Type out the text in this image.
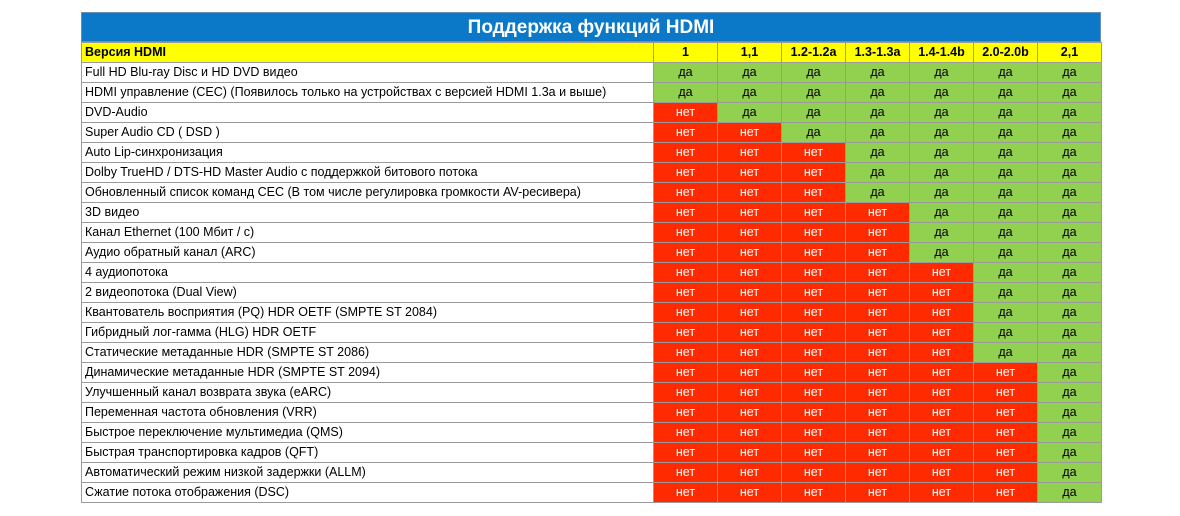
Поддержка функций HDMI
Версия HDMI	1	1,1	1.2-1.2a	1.3-1.3a	1.4-1.4b	2.0-2.0b	2,1
Full HD Blu-ray Disc и HD DVD видео	да	да	да	да	да	да	да
HDMI управление (CEC) (Появилось только на устройствах с версией HDMI 1.3a и выше)	да	да	да	да	да	да	да
DVD-Audio	нет	да	да	да	да	да	да
Super Audio CD ( DSD )	нет	нет	да	да	да	да	да
Auto Lip-синхронизация	нет	нет	нет	да	да	да	да
Dolby TrueHD / DTS-HD Master Audio с поддержкой битового потока	нет	нет	нет	да	да	да	да
Обновленный список команд CEC (В том числе регулировка громкости AV-ресивера)	нет	нет	нет	да	да	да	да
3D видео	нет	нет	нет	нет	да	да	да
Канал Ethernet (100 Мбит / с)	нет	нет	нет	нет	да	да	да
Аудио обратный канал (ARC)	нет	нет	нет	нет	да	да	да
4 аудиопотока	нет	нет	нет	нет	нет	да	да
2 видеопотока (Dual View)	нет	нет	нет	нет	нет	да	да
Квантователь восприятия (PQ) HDR OETF (SMPTE ST 2084)	нет	нет	нет	нет	нет	да	да
Гибридный лог-гамма (HLG) HDR OETF	нет	нет	нет	нет	нет	да	да
Статические метаданные HDR (SMPTE ST 2086)	нет	нет	нет	нет	нет	да	да
Динамические метаданные HDR (SMPTE ST 2094)	нет	нет	нет	нет	нет	нет	да
Улучшенный канал возврата звука (eARC)	нет	нет	нет	нет	нет	нет	да
Переменная частота обновления (VRR)	нет	нет	нет	нет	нет	нет	да
Быстрое переключение мультимедиа (QMS)	нет	нет	нет	нет	нет	нет	да
Быстрая транспортировка кадров (QFT)	нет	нет	нет	нет	нет	нет	да
Автоматический режим низкой задержки (ALLM)	нет	нет	нет	нет	нет	нет	да
Сжатие потока отображения (DSC)	нет	нет	нет	нет	нет	нет	да
